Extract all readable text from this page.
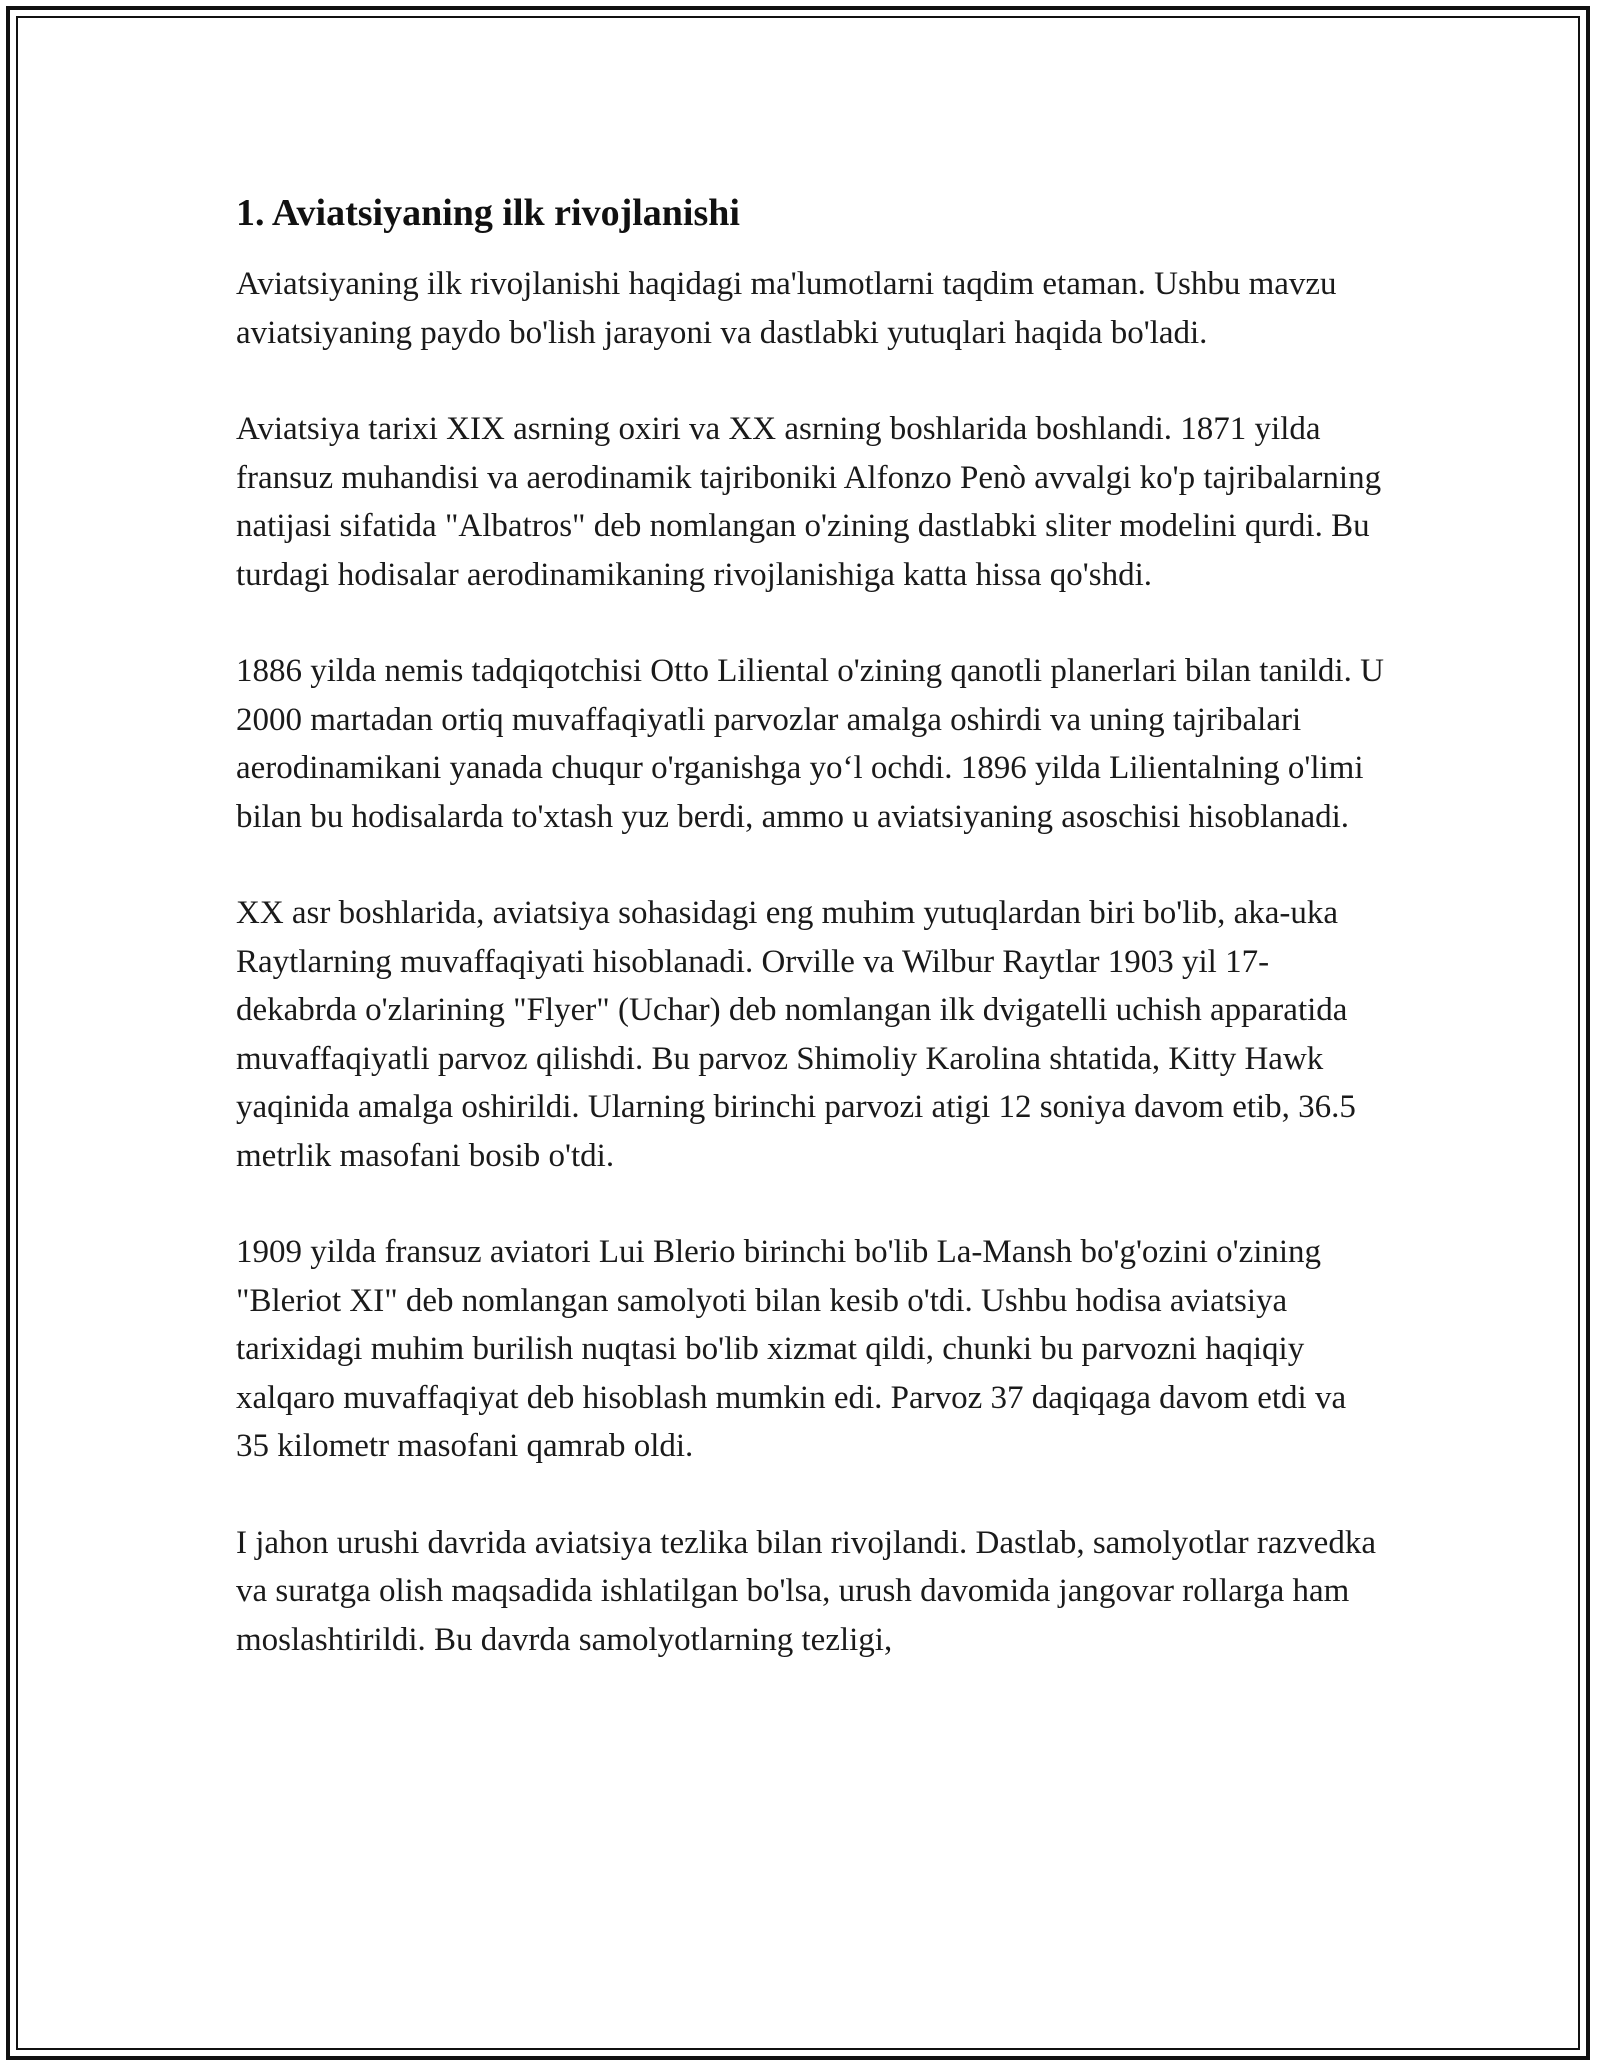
1. Aviatsiyaning ilk rivojlanishi

Aviatsiyaning ilk rivojlanishi haqidagi ma'lumotlarni taqdim etaman. Ushbu mavzu aviatsiyaning paydo bo'lish jarayoni va dastlabki yutuqlari haqida bo'ladi.

Aviatsiya tarixi XIX asrning oxiri va XX asrning boshlarida boshlandi. 1871 yilda fransuz muhandisi va aerodinamik tajriboniki Alfonzo Penò avvalgi ko'p tajribalarning natijasi sifatida "Albatros" deb nomlangan o'zining dastlabki sliter modelini qurdi. Bu turdagi hodisalar aerodinamikaning rivojlanishiga katta hissa qo'shdi.

1886 yilda nemis tadqiqotchisi Otto Liliental o'zining qanotli planerlari bilan tanildi. U 2000 martadan ortiq muvaffaqiyatli parvozlar amalga oshirdi va uning tajribalari aerodinamikani yanada chuqur o'rganishga yo‘l ochdi. 1896 yilda Lilientalning o'limi bilan bu hodisalarda to'xtash yuz berdi, ammo u aviatsiyaning asoschisi hisoblanadi.

XX asr boshlarida, aviatsiya sohasidagi eng muhim yutuqlardan biri bo'lib, aka-uka Raytlarning muvaffaqiyati hisoblanadi. Orville va Wilbur Raytlar 1903 yil 17-dekabrda o'zlarining "Flyer" (Uchar) deb nomlangan ilk dvigatelli uchish apparatida muvaffaqiyatli parvoz qilishdi. Bu parvoz Shimoliy Karolina shtatida, Kitty Hawk yaqinida amalga oshirildi. Ularning birinchi parvozi atigi 12 soniya davom etib, 36.5 metrlik masofani bosib o'tdi.

1909 yilda fransuz aviatori Lui Blerio birinchi bo'lib La-Mansh bo'g'ozini o'zining "Bleriot XI" deb nomlangan samolyoti bilan kesib o'tdi. Ushbu hodisa aviatsiya tarixidagi muhim burilish nuqtasi bo'lib xizmat qildi, chunki bu parvozni haqiqiy xalqaro muvaffaqiyat deb hisoblash mumkin edi. Parvoz 37 daqiqaga davom etdi va 35 kilometr masofani qamrab oldi.

I jahon urushi davrida aviatsiya tezlika bilan rivojlandi. Dastlab, samolyotlar razvedka va suratga olish maqsadida ishlatilgan bo'lsa, urush davomida jangovar rollarga ham moslashtirildi. Bu davrda samolyotlarning tezligi,
